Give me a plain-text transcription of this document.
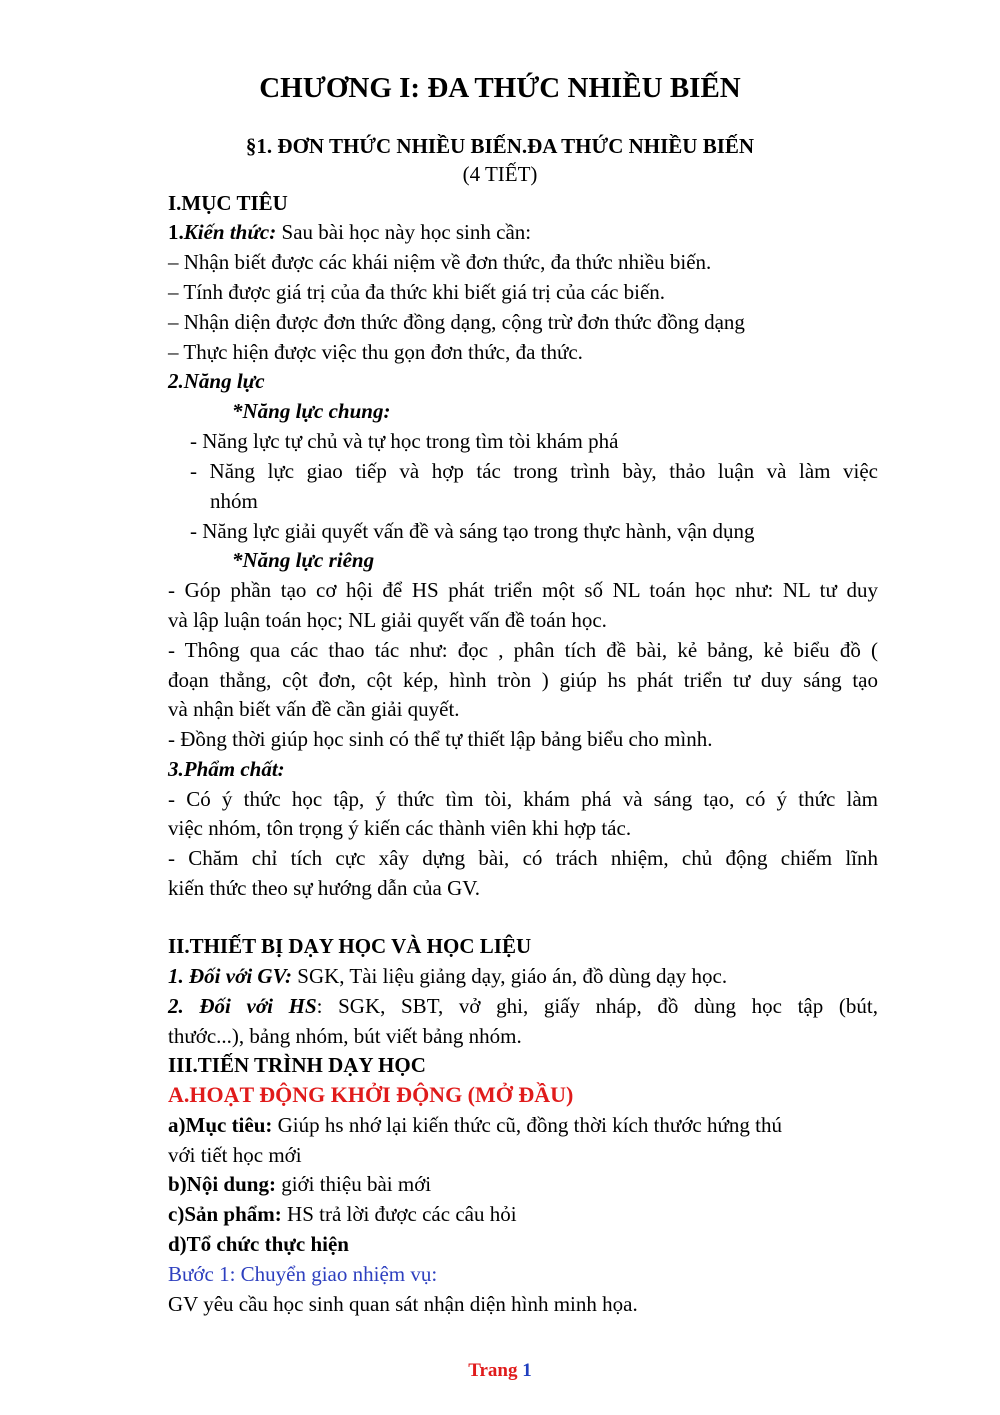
CHƯƠNG I: ĐA THỨC NHIỀU BIẾN
§1. ĐƠN THỨC NHIỀU BIẾN.ĐA THỨC NHIỀU BIẾN
(4 TIẾT)
I.MỤC TIÊU
1.Kiến thức: Sau bài học này học sinh cần:
– Nhận biết được các khái niệm về đơn thức, đa thức nhiều biến.
– Tính được giá trị của đa thức khi biết giá trị của các biến.
– Nhận diện được đơn thức đồng dạng, cộng trừ đơn thức đồng dạng
– Thực hiện được việc thu gọn đơn thức, đa thức.
2.Năng lực
*Năng lực chung:
- Năng lực tự chủ và tự học trong tìm tòi khám phá
- Năng lực giao tiếp và hợp tác trong trình bày, thảo luận và làm việc
nhóm
- Năng lực giải quyết vấn đề và sáng tạo trong thực hành, vận dụng
*Năng lực riêng
- Góp phần tạo cơ hội để HS phát triển một số NL toán học như: NL tư duy
và lập luận toán học; NL giải quyết vấn đề toán học.
- Thông qua các thao tác như: đọc , phân tích đề bài, kẻ bảng, kẻ biểu đồ (
đoạn thẳng, cột đơn, cột kép, hình tròn ) giúp hs phát triển tư duy sáng tạo
và nhận biết vấn đề cần giải quyết.
- Đồng thời giúp học sinh có thể tự thiết lập bảng biểu cho mình.
3.Phẩm chất:
- Có ý thức học tập, ý thức tìm tòi, khám phá và sáng tạo, có ý thức làm
việc nhóm, tôn trọng ý kiến các thành viên khi hợp tác.
- Chăm chỉ tích cực xây dựng bài, có trách nhiệm, chủ động chiếm lĩnh
kiến thức theo sự hướng dẫn của GV.
II.THIẾT BỊ DẠY HỌC VÀ HỌC LIỆU
1. Đối với GV: SGK, Tài liệu giảng dạy, giáo án, đồ dùng dạy học.
2. Đối với HS: SGK, SBT, vở ghi, giấy nháp, đồ dùng học tập (bút,
thước...), bảng nhóm, bút viết bảng nhóm.
III.TIẾN TRÌNH DẠY HỌC
A.HOẠT ĐỘNG KHỞI ĐỘNG (MỞ ĐẦU)
a)Mục tiêu: Giúp hs nhớ lại kiến thức cũ, đồng thời kích thước hứng thú
với tiết học mới
b)Nội dung: giới thiệu bài mới
c)Sản phẩm: HS trả lời được các câu hỏi
d)Tổ chức thực hiện
Bước 1: Chuyển giao nhiệm vụ:
GV yêu cầu học sinh quan sát nhận diện hình minh họa.
Trang 1
